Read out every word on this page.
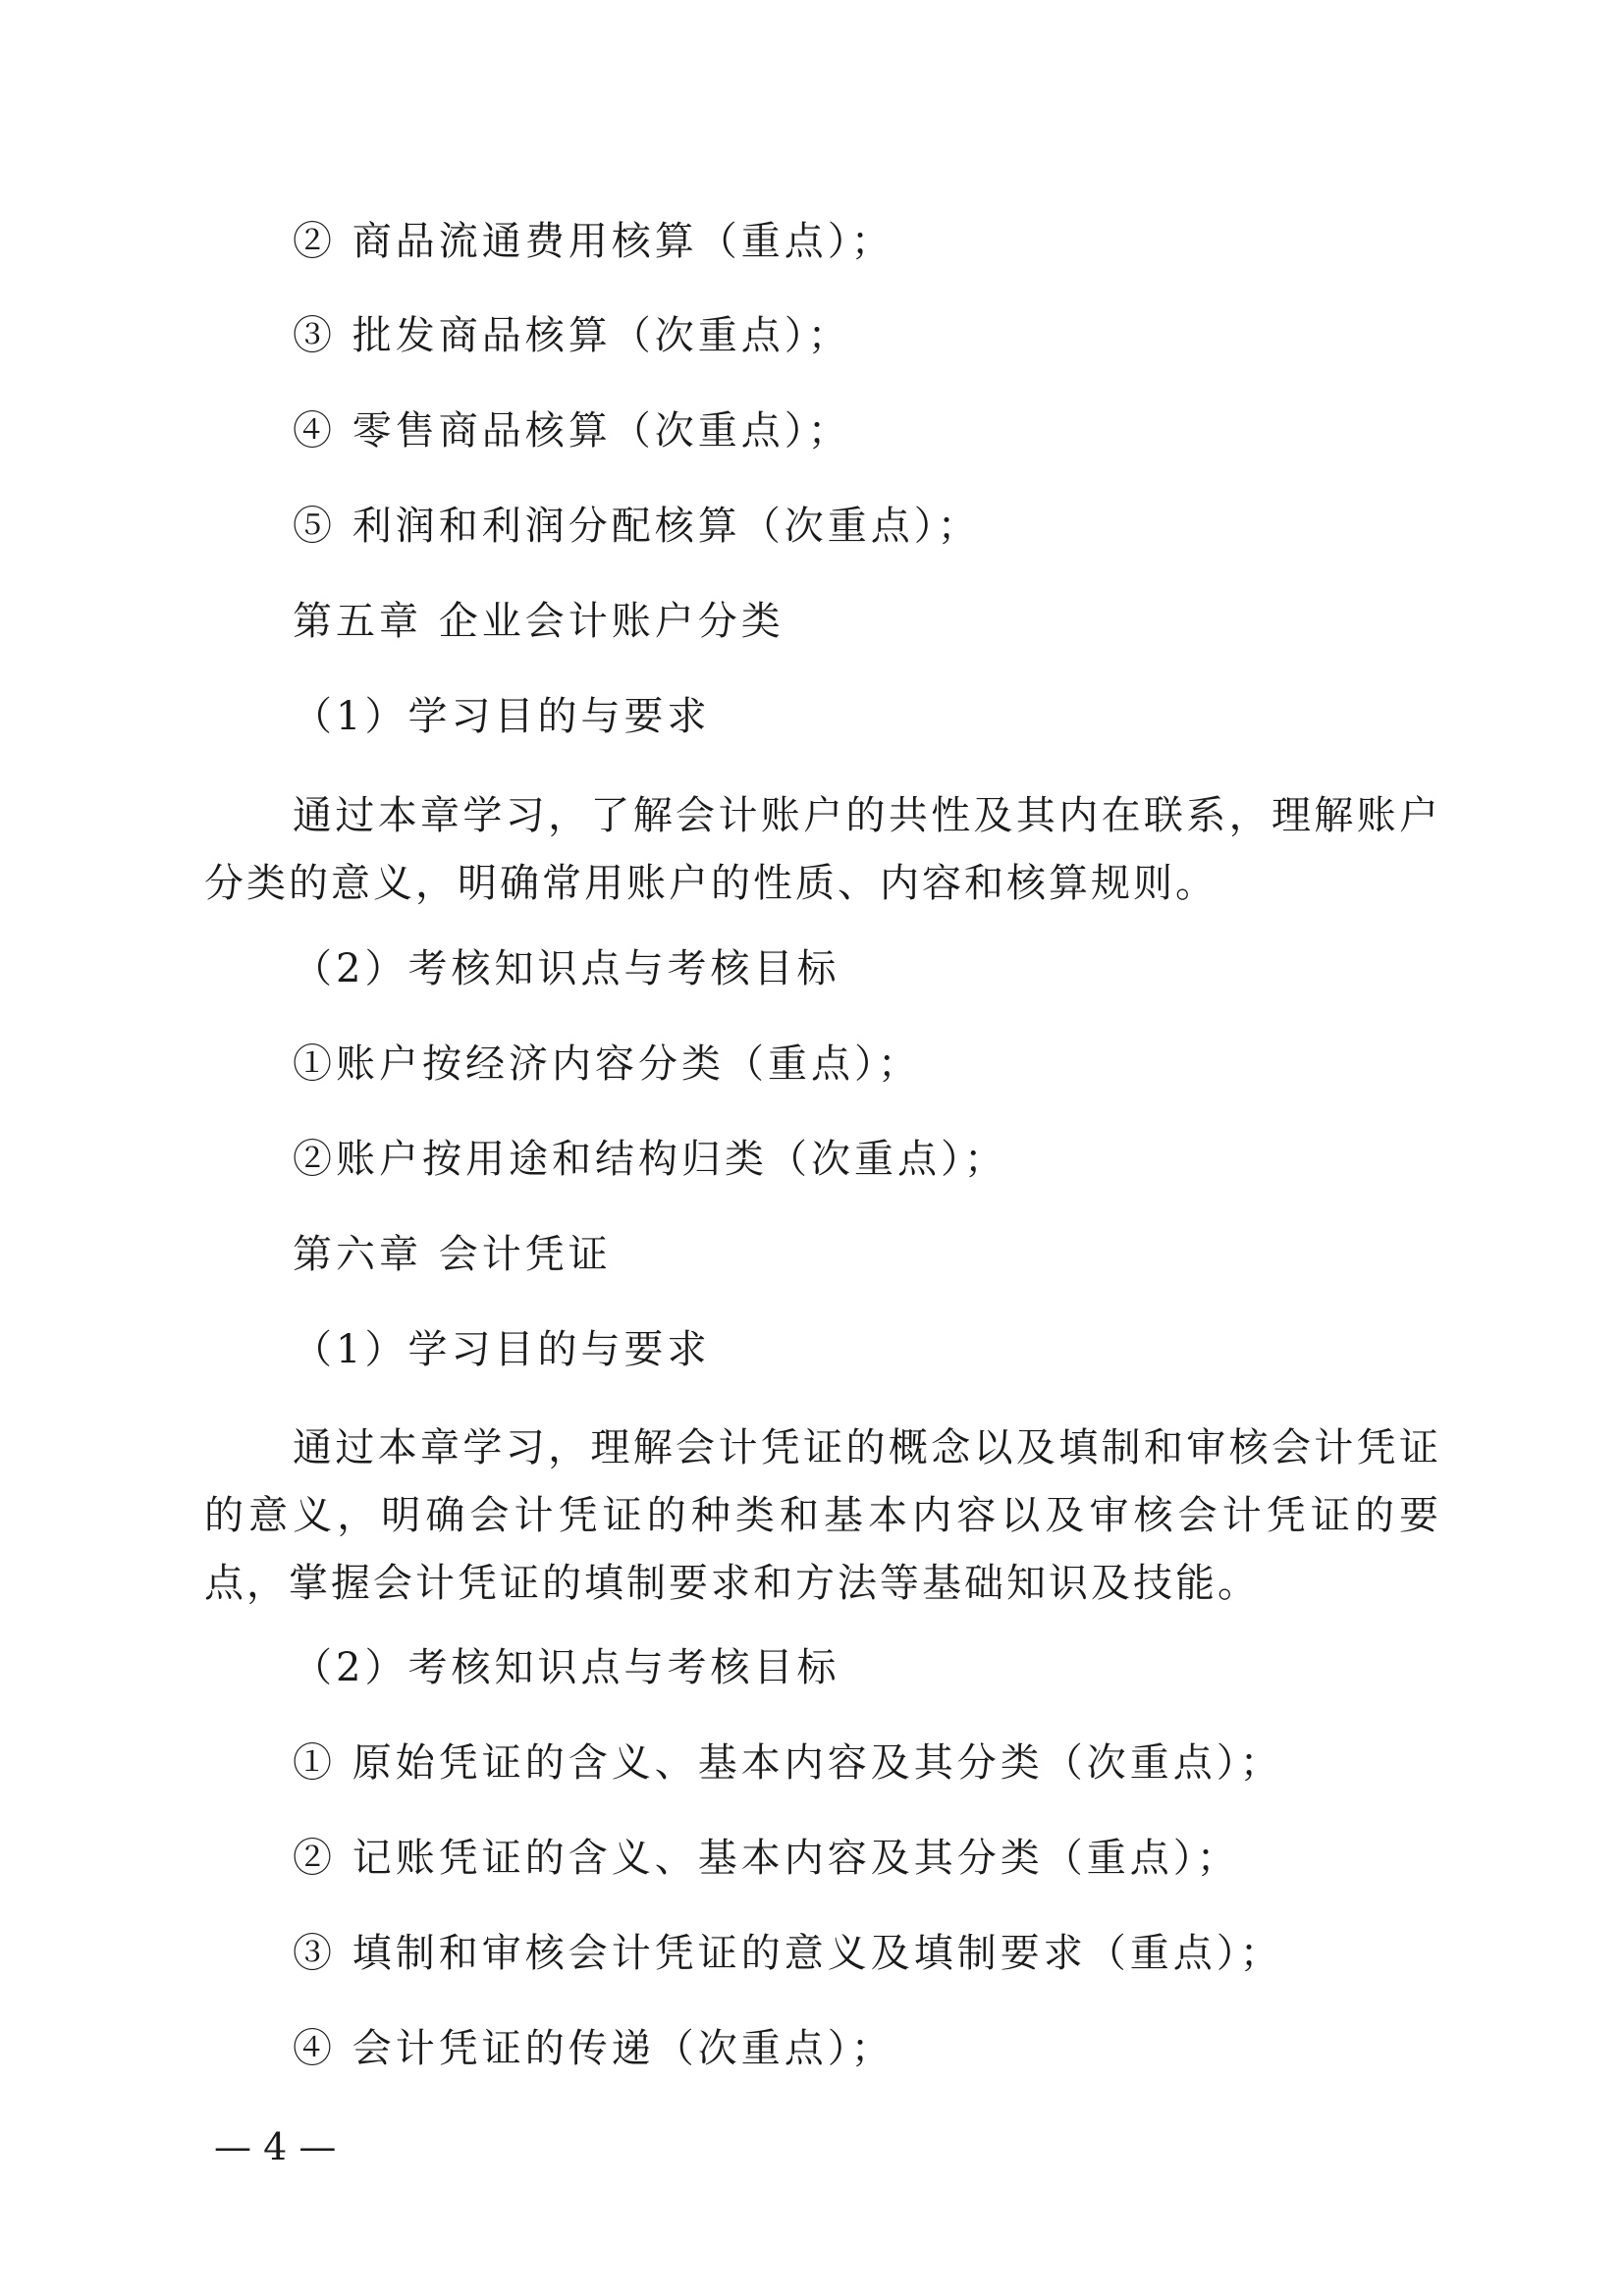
② 商品流通费用核算（重点）；
③ 批发商品核算（次重点）；
④ 零售商品核算（次重点）；
⑤ 利润和利润分配核算（次重点）；
第五章 企业会计账户分类
（1）学习目的与要求

通过本章学习，了解会计账户的共性及其内在联系，理解账户分类的意义，明确常用账户的性质、内容和核算规则。

（2）考核知识点与考核目标
①账户按经济内容分类（重点）；
②账户按用途和结构归类（次重点）；
第六章 会计凭证
（1）学习目的与要求

通过本章学习，理解会计凭证的概念以及填制和审核会计凭证的意义，明确会计凭证的种类和基本内容以及审核会计凭证的要点，掌握会计凭证的填制要求和方法等基础知识及技能。

（2）考核知识点与考核目标
① 原始凭证的含义、基本内容及其分类（次重点）；
② 记账凭证的含义、基本内容及其分类（重点）；
③ 填制和审核会计凭证的意义及填制要求（重点）；
④ 会计凭证的传递（次重点）；
— 4 —
